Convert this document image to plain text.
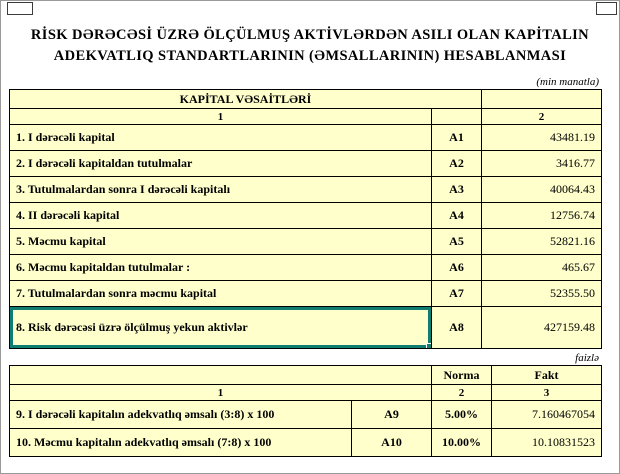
RİSK DƏRƏCƏSİ ÜZRƏ ÖLÇÜLMUŞ AKTİVLƏRDƏN ASILI OLAN KAPİTALIN
ADEKVATLIQ STANDARTLARININ (ƏMSALLARININ) HESABLANMASI
(min manatla)
KAPİTAL VƏSAİTLƏRİ		
1		2
1. I dərəcəli kapital	A1	43481.19
2. I dərəcəli kapitaldan tutulmalar	A2	3416.77
3. Tutulmalardan sonra I dərəcəli kapitalı	A3	40064.43
4. II dərəcəli kapital	A4	12756.74
5. Məcmu kapital	A5	52821.16
6. Məcmu kapitaldan tutulmalar :	A6	465.67
7. Tutulmalardan sonra məcmu kapital	A7	52355.50
8. Risk dərəcəsi üzrə ölçülmuş yekun aktivlər	A8	427159.48
faizlə
		Norma	Fakt
1		2	3
9. I dərəcəli kapitalın adekvatlıq əmsalı (3:8) x 100	A9	5.00%	7.160467054
10. Məcmu kapitalın adekvatlıq əmsalı (7:8) x 100	A10	10.00%	10.10831523
